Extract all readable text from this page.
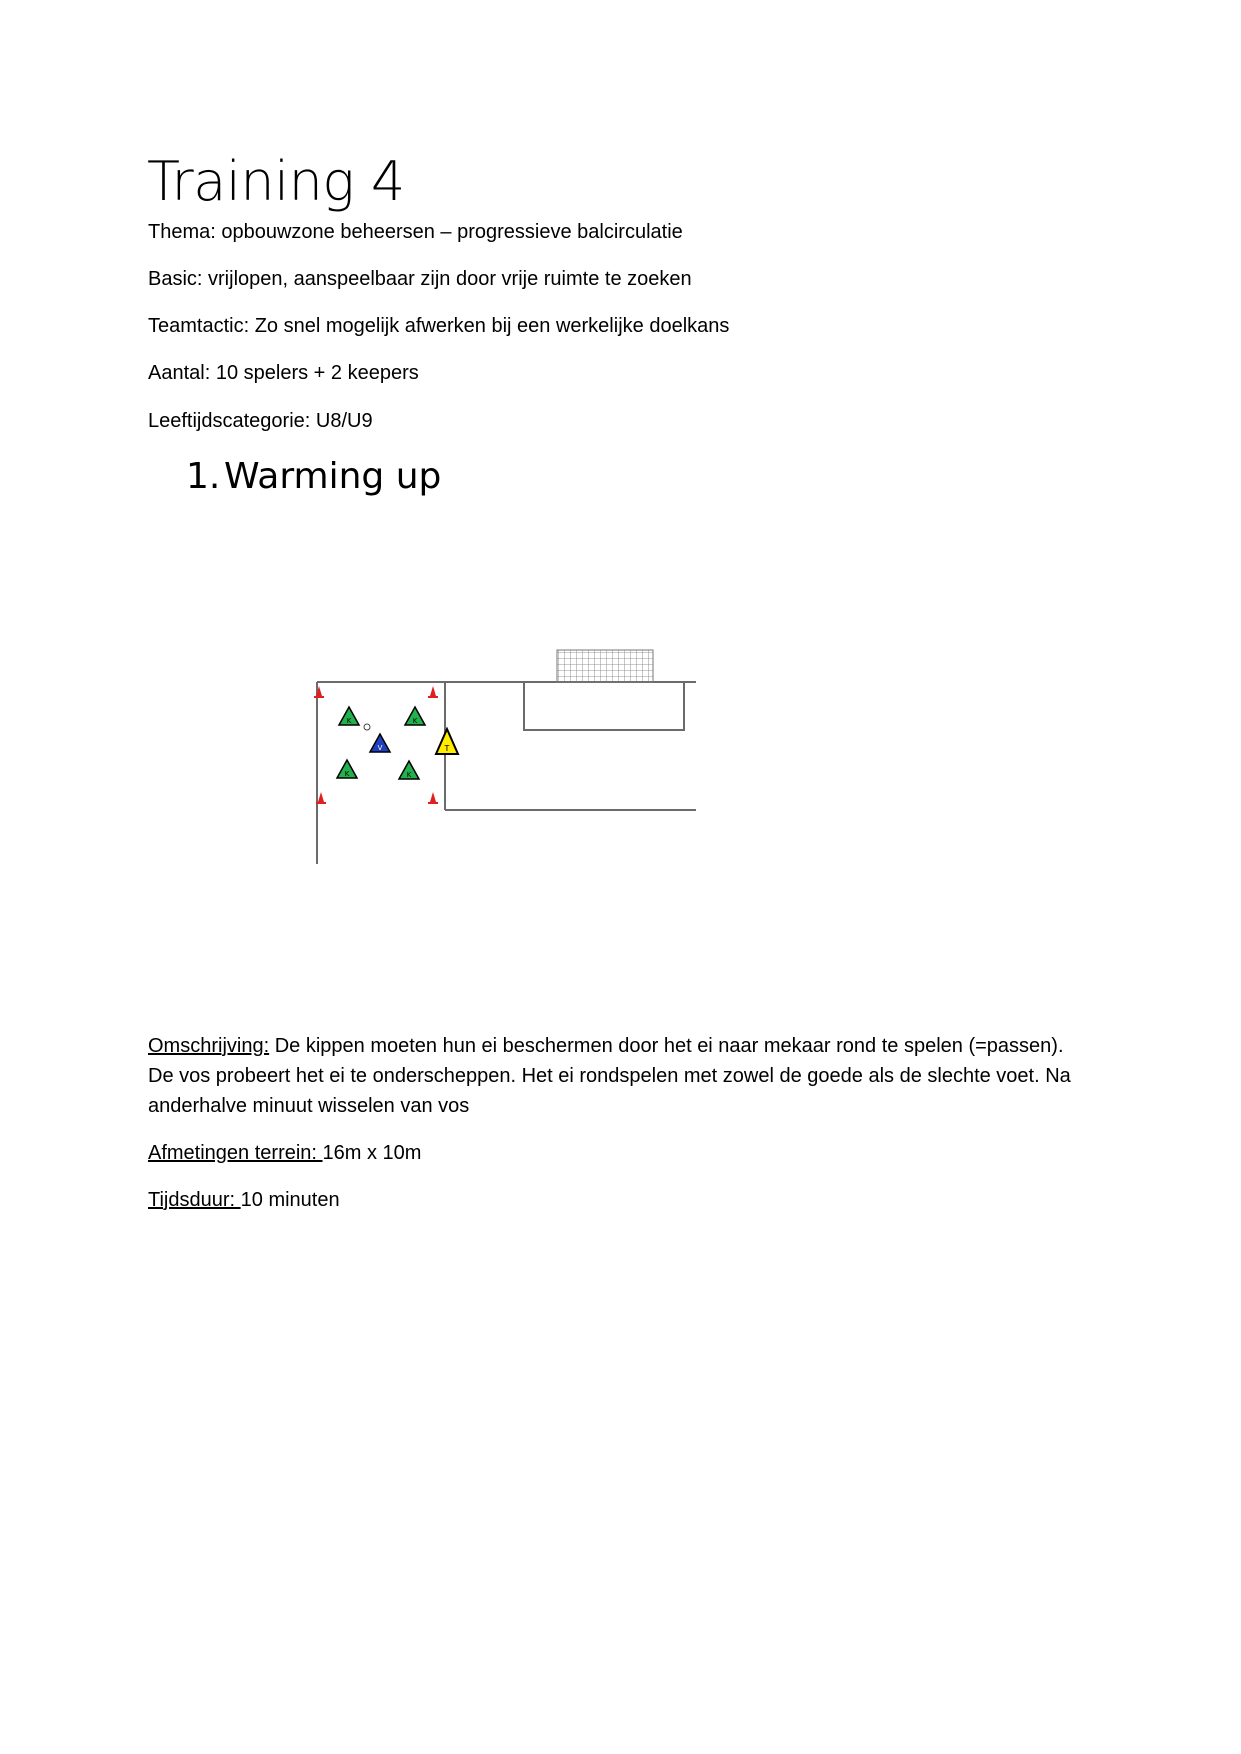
Training 4
Thema: opbouwzone beheersen – progressieve balcirculatie
Basic: vrijlopen, aanspeelbaar zijn door vrije ruimte te zoeken
Teamtactic: Zo snel mogelijk afwerken bij een werkelijke doelkans
Aantal: 10 spelers + 2 keepers
Leeftijdscategorie: U8/U9
1. Warming up
K	K
V
K	K
T
Omschrijving: De kippen moeten hun ei beschermen door het ei naar mekaar rond te spelen (=passen). De vos probeert het ei te onderscheppen. Het ei rondspelen met zowel de goede als de slechte voet. Na anderhalve minuut wisselen van vos
Afmetingen terrein: 16m x 10m
Tijdsduur: 10 minuten
